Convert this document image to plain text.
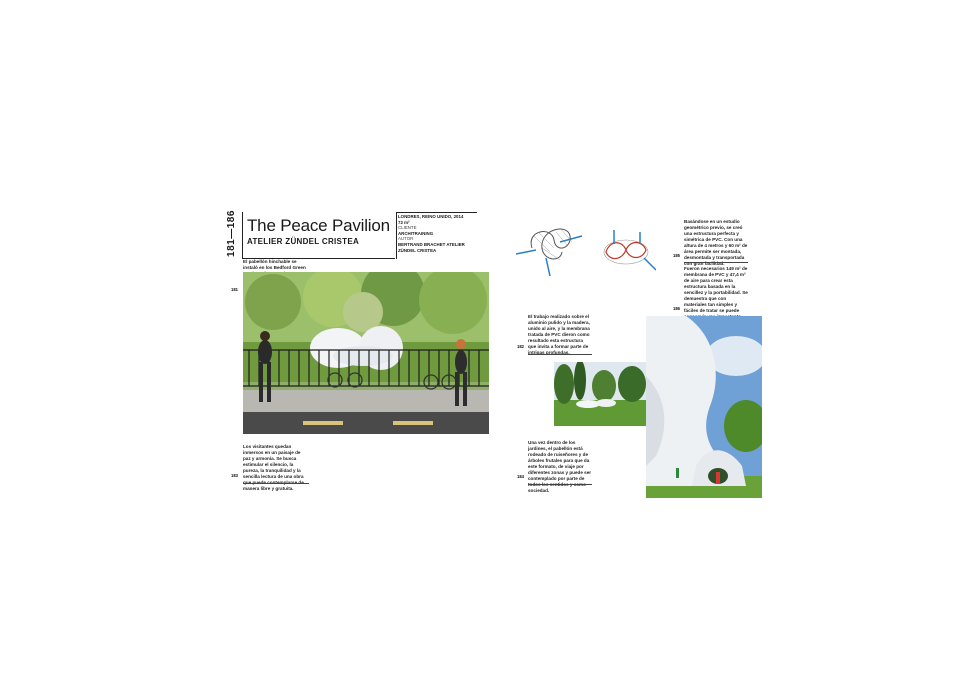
181—186 The Peace Pavilion
ATELIER ZÜNDEL CRISTEA
LONDRES, REINO UNIDO, 2014
72 m²
CLIENTE
ARCHITRAINING
AUTOR
BERTRAND BRACHET ATELIER ZÜNDEL CRISTEA
El pabellón hinchable se instaló en los Bedford Green
181
Los visitantes quedan inmersos en un paisaje de paz y armonía. Se busca estimular el silencio, la pureza, la tranquilidad y la sencilla lectura de una obra que puede contemplarse de manera libre y gratuita.
183
Basándose en un estudio geométrico previo, se creó una estructura perfecta y simétrica de PVC. Con una altura de 4 metros y 60 m² de área permite ser montada, desmontada y transportada con gran facilidad.
185
Fueron necesarios 149 m² de membrana de PVC y 47,4 m³ de aire para crear esta estructura basada en la sencillez y la portabilidad. Se demuestra que con materiales tan simples y fáciles de tratar se puede
186
El trabajo realizado sobre el aluminio pulido y la madera, unido al aire, y la membrana tratada de PVC dieron como resultado esta estructura que invita a formar parte de intrigas profundas.
182
Una vez dentro de los jardines, el pabellón está rodeado de ruiseñores y de árboles frutales para que da este formato, de viaje por diferentes zonas y puede ser contemplado por parte de todos los sentidos y como sociedad.
184
